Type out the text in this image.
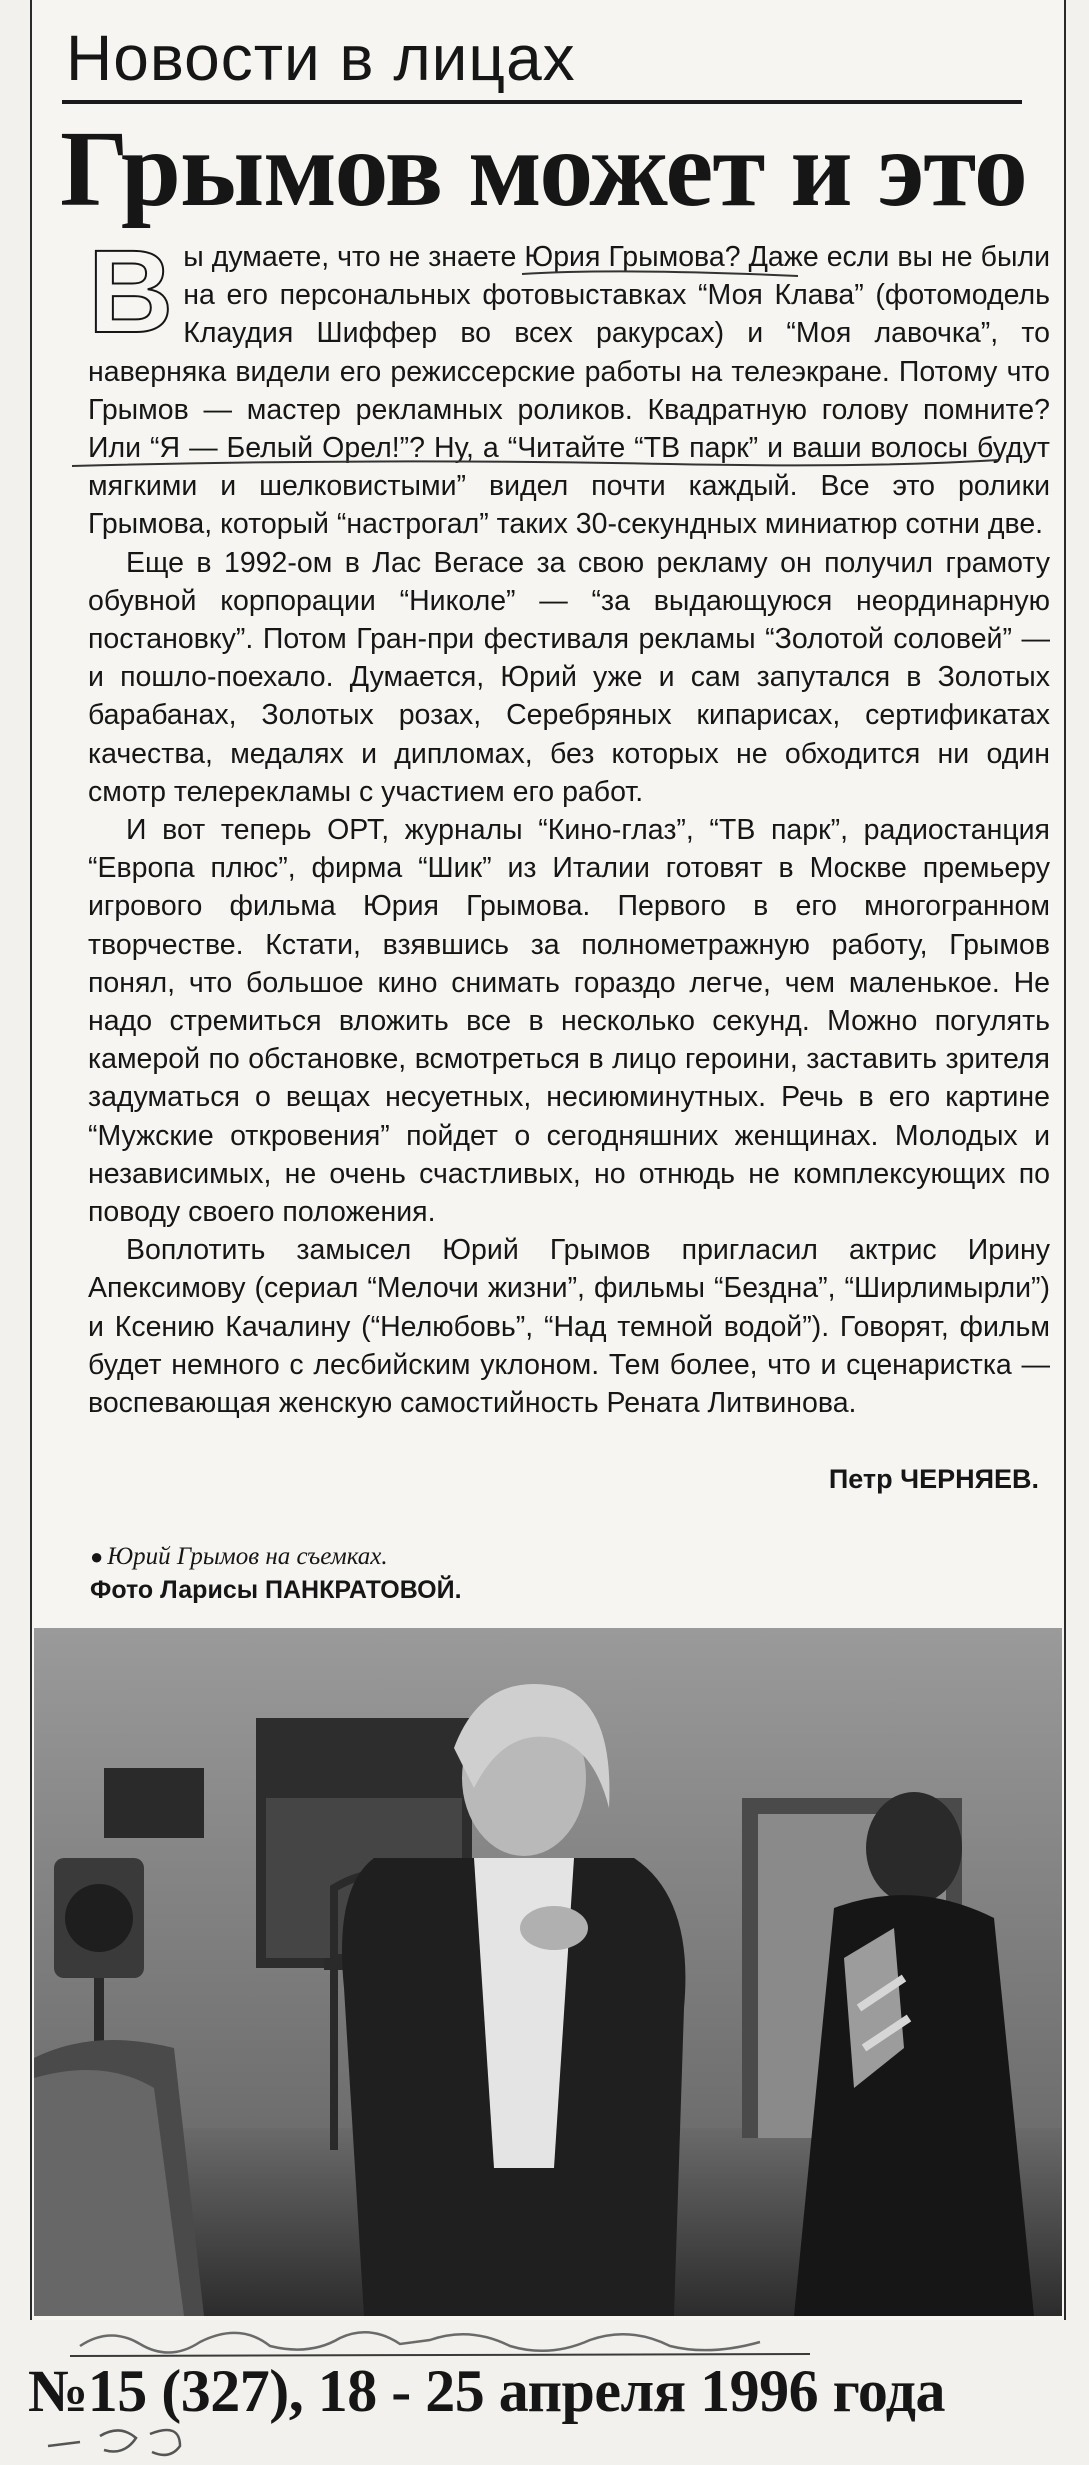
Новости в лицах
Грымов может и это

Вы думаете, что не знаете Юрия Грымова? Даже если вы не были на его персональных фотовыставках “Моя Клава” (фотомодель Клаудия Шиффер во всех ракурсах) и “Моя лавочка”, то наверняка видели его режиссерские работы на телеэкране. Потому что Грымов — мастер рекламных роликов. Квадратную голову помните? Или “Я — Белый Орел!”? Ну, а “Читайте “ТВ парк” и ваши волосы будут мягкими и шелковистыми” видел почти каждый. Все это ролики Грымова, который “настрогал” таких 30-секундных миниатюр сотни две.

Еще в 1992-ом в Лас Вегасе за свою рекламу он получил грамоту обувной корпорации “Николе” — “за выдающуюся неординарную постановку”. Потом Гран-при фестиваля рекламы “Золотой соловей” — и пошло-поехало. Думается, Юрий уже и сам запутался в Золотых барабанах, Золотых розах, Серебряных кипарисах, сертификатах качества, медалях и дипломах, без которых не обходится ни один смотр телерекламы с участием его работ.

И вот теперь ОРТ, журналы “Кино-глаз”, “ТВ парк”, радиостанция “Европа плюс”, фирма “Шик” из Италии готовят в Москве премьеру игрового фильма Юрия Грымова. Первого в его многогранном творчестве. Кстати, взявшись за полнометражную работу, Грымов понял, что большое кино снимать гораздо легче, чем маленькое. Не надо стремиться вложить все в несколько секунд. Можно погулять камерой по обстановке, всмотреться в лицо героини, заставить зрителя задуматься о вещах несуетных, несиюминутных. Речь в его картине “Мужские откровения” пойдет о сегодняшних женщинах. Молодых и независимых, не очень счастливых, но отнюдь не комплексующих по поводу своего положения.

Воплотить замысел Юрий Грымов пригласил актрис Ирину Апексимову (сериал “Мелочи жизни”, фильмы “Бездна”, “Ширлимырли”) и Ксению Качалину (“Нелюбовь”, “Над темной водой”). Говорят, фильм будет немного с лесбийским уклоном. Тем более, что и сценаристка — воспевающая женскую самостийность Рената Литвинова.

Петр ЧЕРНЯЕВ.
● Юрий Грымов на съемках.
Фото Ларисы ПАНКРАТОВОЙ.
№15 (327), 18 - 25 апреля 1996 года
